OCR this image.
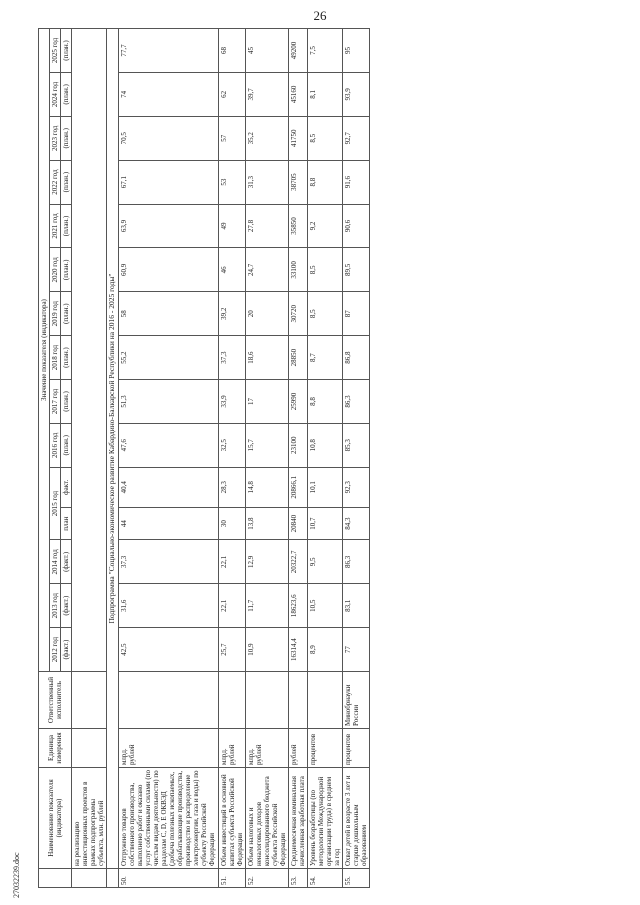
26
27032239.doc
	Наименование показателя (индикатора)	Единица измерения	Ответственный исполнитель	Значение показателя (индикатора)														
				2012 год	2013 год	2014 год	2015 год		2016 год	2017 год	2018 год	2019 год	2020 год	2021 год	2022 год	2023 год	2024 год	2025 год
				(факт.)	(факт.)	(факт.)	план	факт.	(план.)	(план.)	(план.)	(план.)	(план.)	(план.)	(план.)	(план.)	(план.)	(план.)
	на реализацию инвестиционных проектов в рамках подпрограммы субъекта, млн. рублей																	
	Подпрограмма "Социально-экономическое развитие Кабардино-Балкарской Республики на 2016 - 2025 годы"																	
50.	Отгружено товаров собственного производства, выполнено работ и оказано услуг собственными силами (по чистым видам деятельности) по разделам C, D, E ОКВЭД (добыча полезных ископаемых, обрабатывающие производства, производство и распределение электроэнергии, газа и воды) по субъекту Российской Федерации	млрд. рублей		42,5	31,6	37,3	44	40,4	47,6	51,3	55,2	58	60,9	63,9	67,1	70,5	74	77,7
51.	Объем инвестиций в основной капитал субъекта Российской Федерации	млрд. рублей		25,7	22,1	22,1	30	28,3	32,5	33,9	37,3	39,2	46	49	53	57	62	68
52.	Объем налоговых и неналоговых доходов консолидированного бюджета субъекта Российской Федерации	млрд. рублей		10,9	11,7	12,9	13,8	14,8	15,7	17	18,6	20	24,7	27,8	31,3	35,2	39,7	45
53.	Среднемесячная номинальная начисленная заработная плата	рублей		16314,4	18623,6	20322,7	20840	20866,1	23100	25990	28850	30720	33100	35850	38705	41750	45160	49200
54.	Уровень безработицы (по методологии Международной организации труда) в среднем за год	процентов		8,9	10,5	9,5	10,7	10,1	10,8	8,8	8,7	8,5	8,5	9,2	8,8	8,5	8,1	7,5
55.	Охват детей в возрасте 3 лет и старше дошкольным образованием	процентов	Минобрнауки России	77	83,1	86,3	84,3	92,3	85,3	86,3	86,8	87	89,5	90,6	91,6	92,7	93,9	95
